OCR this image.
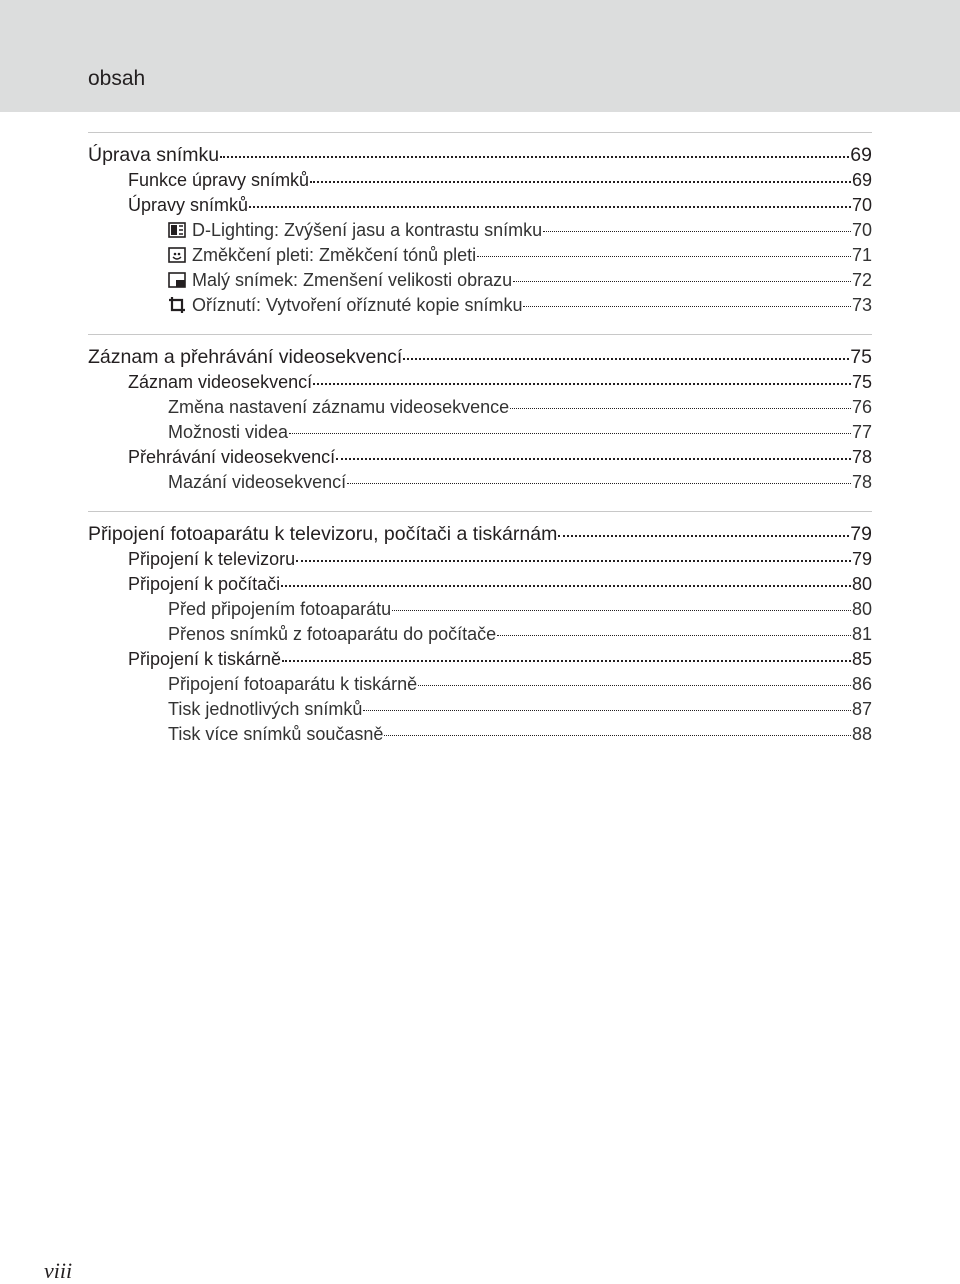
obsah
Úprava snímku	69
Funkce úpravy snímků	69
Úpravy snímků	70
D-Lighting: Zvýšení jasu a kontrastu snímku	70
Změkčení pleti: Změkčení tónů pleti	71
Malý snímek: Zmenšení velikosti obrazu	72
Oříznutí: Vytvoření oříznuté kopie snímku	73
Záznam a přehrávání videosekvencí	75
Záznam videosekvencí	75
Změna nastavení záznamu videosekvence	76
Možnosti videa	77
Přehrávání videosekvencí	78
Mazání videosekvencí	78
Připojení fotoaparátu k televizoru, počítači a tiskárnám	79
Připojení k televizoru	79
Připojení k počítači	80
Před připojením fotoaparátu	80
Přenos snímků z fotoaparátu do počítače	81
Připojení k tiskárně	85
Připojení fotoaparátu k tiskárně	86
Tisk jednotlivých snímků	87
Tisk více snímků současně	88
viii
